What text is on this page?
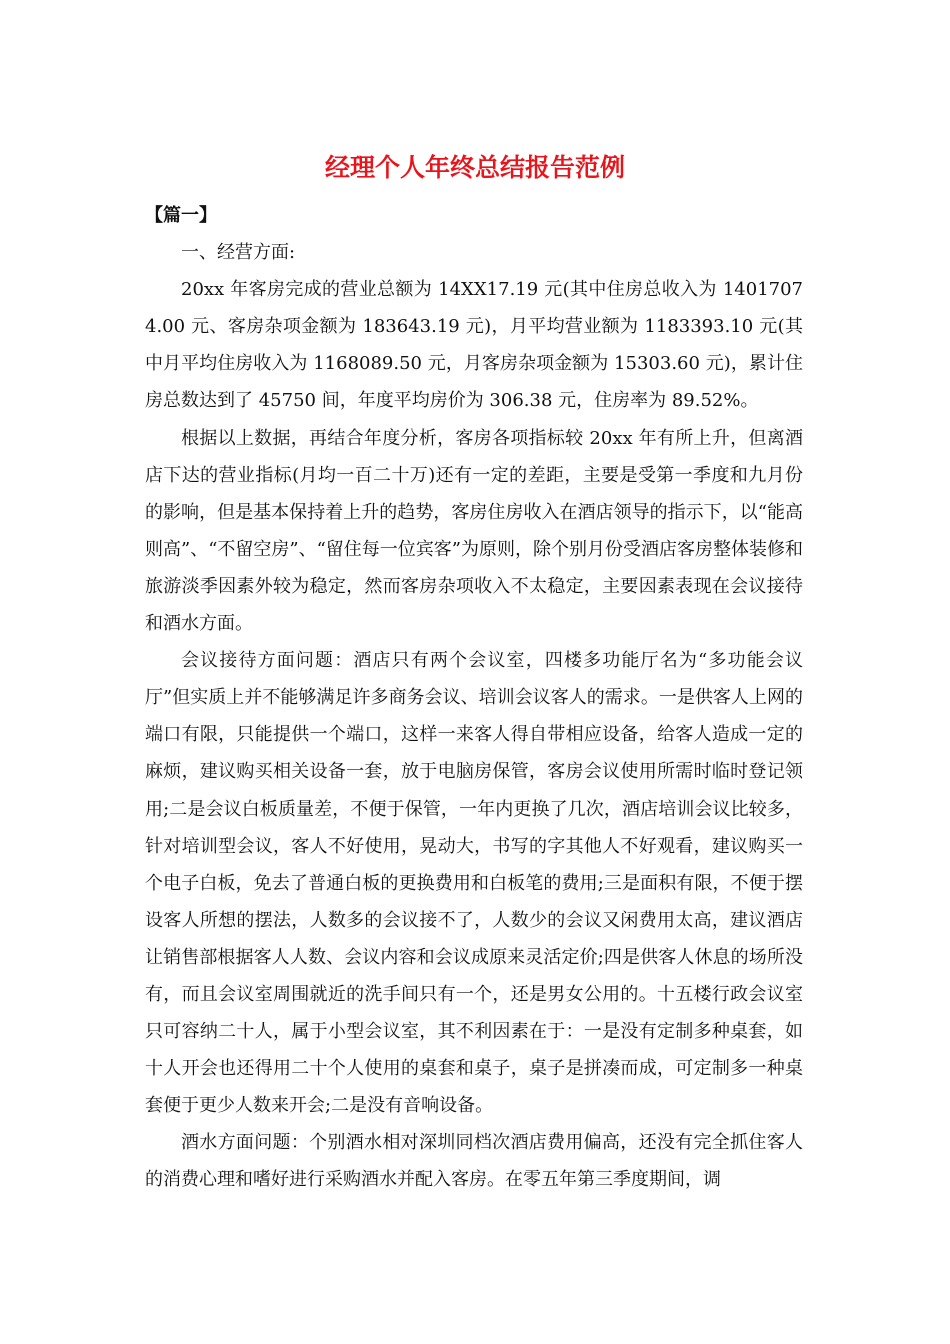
经理个人年终总结报告范例

【篇一】

一、经营方面:

20xx 年客房完成的营业总额为 14XX17.19 元(其中住房总收入为 14017074.00 元、客房杂项金额为 183643.19 元)，月平均营业额为 1183393.10 元(其中月平均住房收入为 1168089.50 元，月客房杂项金额为 15303.60 元)，累计住房总数达到了 45750 间，年度平均房价为 306.38 元，住房率为 89.52%。

根据以上数据，再结合年度分析，客房各项指标较 20xx 年有所上升，但离酒店下达的营业指标(月均一百二十万)还有一定的差距，主要是受第一季度和九月份的影响，但是基本保持着上升的趋势，客房住房收入在酒店领导的指示下，以“能高则高”、“不留空房”、“留住每一位宾客”为原则，除个别月份受酒店客房整体装修和旅游淡季因素外较为稳定，然而客房杂项收入不太稳定，主要因素表现在会议接待和酒水方面。

会议接待方面问题：酒店只有两个会议室，四楼多功能厅名为“多功能会议厅”但实质上并不能够满足许多商务会议、培训会议客人的需求。一是供客人上网的端口有限，只能提供一个端口，这样一来客人得自带相应设备，给客人造成一定的麻烦，建议购买相关设备一套，放于电脑房保管，客房会议使用所需时临时登记领用;二是会议白板质量差，不便于保管，一年内更换了几次，酒店培训会议比较多，针对培训型会议，客人不好使用，晃动大，书写的字其他人不好观看，建议购买一个电子白板，免去了普通白板的更换费用和白板笔的费用;三是面积有限，不便于摆设客人所想的摆法，人数多的会议接不了，人数少的会议又闲费用太高，建议酒店让销售部根据客人人数、会议内容和会议成原来灵活定价;四是供客人休息的场所没有，而且会议室周围就近的洗手间只有一个，还是男女公用的。十五楼行政会议室只可容纳二十人，属于小型会议室，其不利因素在于：一是没有定制多种桌套，如十人开会也还得用二十个人使用的桌套和桌子，桌子是拼凑而成，可定制多一种桌套便于更少人数来开会;二是没有音响设备。

酒水方面问题：个别酒水相对深圳同档次酒店费用偏高，还没有完全抓住客人的消费心理和嗜好进行采购酒水并配入客房。在零五年第三季度期间，调
